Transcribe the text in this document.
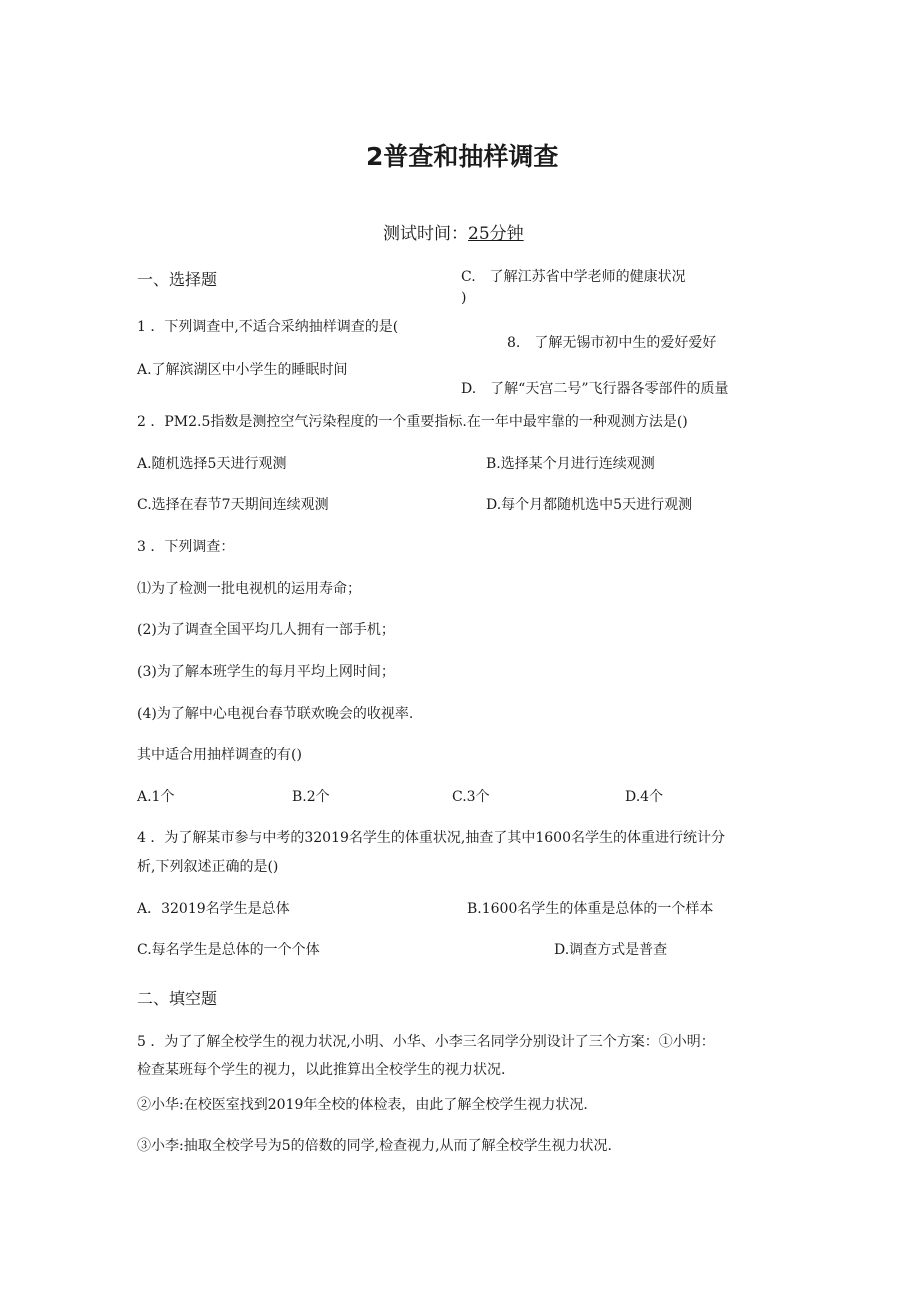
2普查和抽样调查
测试时间：25分钟
一、选择题	C.　了解江苏省中学老师的健康状况
)
1 ．下列调查中,不适合采纳抽样调查的是(
8.　了解无锡市初中生的爱好爱好
A.了解滨湖区中小学生的睡眠时间
D.　了解“天宫二号”飞行器各零部件的质量
2 ．PM2.5指数是测控空气污染程度的一个重要指标.在一年中最牢靠的一种观测方法是()
A.随机选择5天进行观测	B.选择某个月进行连续观测
C.选择在春节7天期间连续观测	D.每个月都随机选中5天进行观测
3 ．下列调查：
⑴为了检测一批电视机的运用寿命；
(2)为了调查全国平均几人拥有一部手机；
(3)为了解本班学生的每月平均上网时间；
(4)为了解中心电视台春节联欢晚会的收视率.
其中适合用抽样调查的有()
A.1个	B.2个	C.3个	D.4个
4 ．为了解某市参与中考的32019名学生的体重状况,抽查了其中1600名学生的体重进行统计分
析,下列叙述正确的是()
A．32019名学生是总体	B.1600名学生的体重是总体的一个样本
C.每名学生是总体的一个个体	D.调查方式是普查
二、填空题
5 ．为了了解全校学生的视力状况,小明、小华、小李三名同学分别设计了三个方案：①小明：
检查某班每个学生的视力，以此推算出全校学生的视力状况.
②小华:在校医室找到2019年全校的体检表，由此了解全校学生视力状况.
③小李:抽取全校学号为5的倍数的同学,检查视力,从而了解全校学生视力状况.
